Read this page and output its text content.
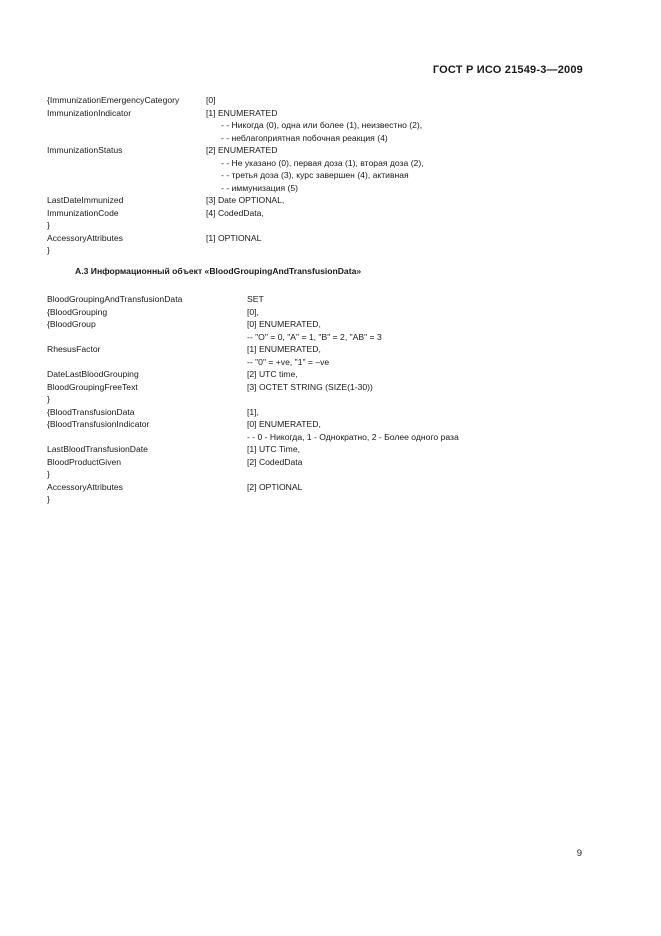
ГОСТ Р ИСО 21549-3—2009
{ImmunizationEmergencyCategory	[0]
ImmunizationIndicator	[1] ENUMERATED
- - Никогда (0), одна или более (1), неизвестно (2),
- - неблагоприятная побочная реакция (4)
ImmunizationStatus	[2] ENUMERATED
- - Не указано (0), первая доза (1), вторая доза (2),
- - третья доза (3), курс завершен (4), активная
- - иммунизация (5)
LastDateImmunized	[3] Date OPTIONAL,
ImmunizationCode	[4] CodedData,
}
AccessoryAttributes	[1] OPTIONAL
}
А.3 Информационный объект «BloodGroupingAndTransfusionData»
BloodGroupingAndTransfusionData	SET
{BloodGrouping	[0],
{BloodGroup	[0] ENUMERATED,
-- "O" = 0, "A" = 1, "B" = 2, "AB" = 3
RhesusFactor	[1] ENUMERATED,
-- "0" = +ve, "1" = –ve
DateLastBloodGrouping	[2] UTC time,
BloodGroupingFreeText	[3] OCTET STRING (SIZE(1-30))
}
{BloodTransfusionData	[1],
{BloodTransfusionIndicator	[0] ENUMERATED,
- - 0 - Никогда, 1 - Однократно, 2 - Более одного раза
LastBloodTransfusionDate	[1] UTC Time,
BloodProductGiven	[2] CodedData
}
AccessoryAttributes	[2] OPTIONAL
}
9
